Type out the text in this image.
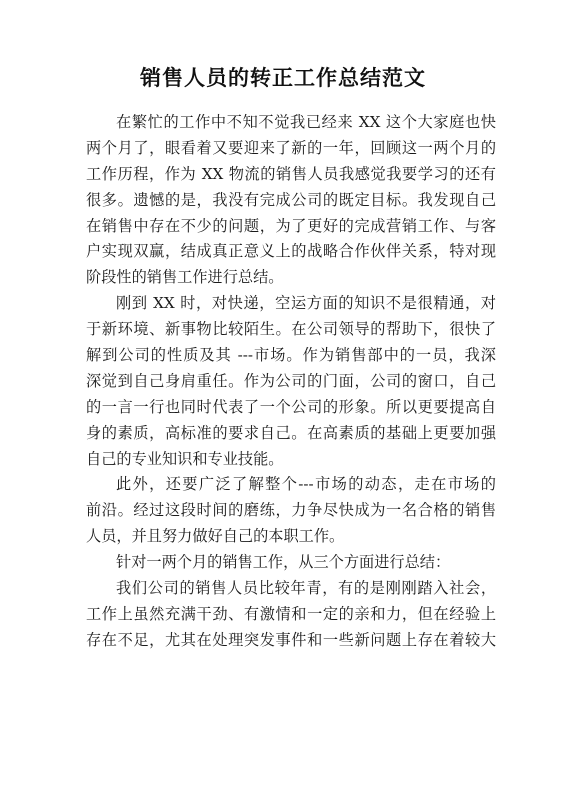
销售人员的转正工作总结范文
在繁忙的工作中不知不觉我已经来 XX 这个大家庭也快
两个月了，眼看着又要迎来了新的一年，回顾这一两个月的
工作历程，作为 XX 物流的销售人员我感觉我要学习的还有
很多。遗憾的是，我没有完成公司的既定目标。我发现自己
在销售中存在不少的问题，为了更好的完成营销工作、与客
户实现双赢，结成真正意义上的战略合作伙伴关系，特对现
阶段性的销售工作进行总结。
刚到 XX 时，对快递，空运方面的知识不是很精通，对
于新环境、新事物比较陌生。在公司领导的帮助下，很快了
解到公司的性质及其 ---市场。作为销售部中的一员，我深
深觉到自己身肩重任。作为公司的门面，公司的窗口，自己
的一言一行也同时代表了一个公司的形象。所以更要提高自
身的素质，高标准的要求自己。在高素质的基础上更要加强
自己的专业知识和专业技能。
此外，还要广泛了解整个---市场的动态，走在市场的
前沿。经过这段时间的磨练，力争尽快成为一名合格的销售
人员，并且努力做好自己的本职工作。
针对一两个月的销售工作，从三个方面进行总结：
我们公司的销售人员比较年青，有的是刚刚踏入社会，
工作上虽然充满干劲、有激情和一定的亲和力，但在经验上
存在不足，尤其在处理突发事件和一些新问题上存在着较大
